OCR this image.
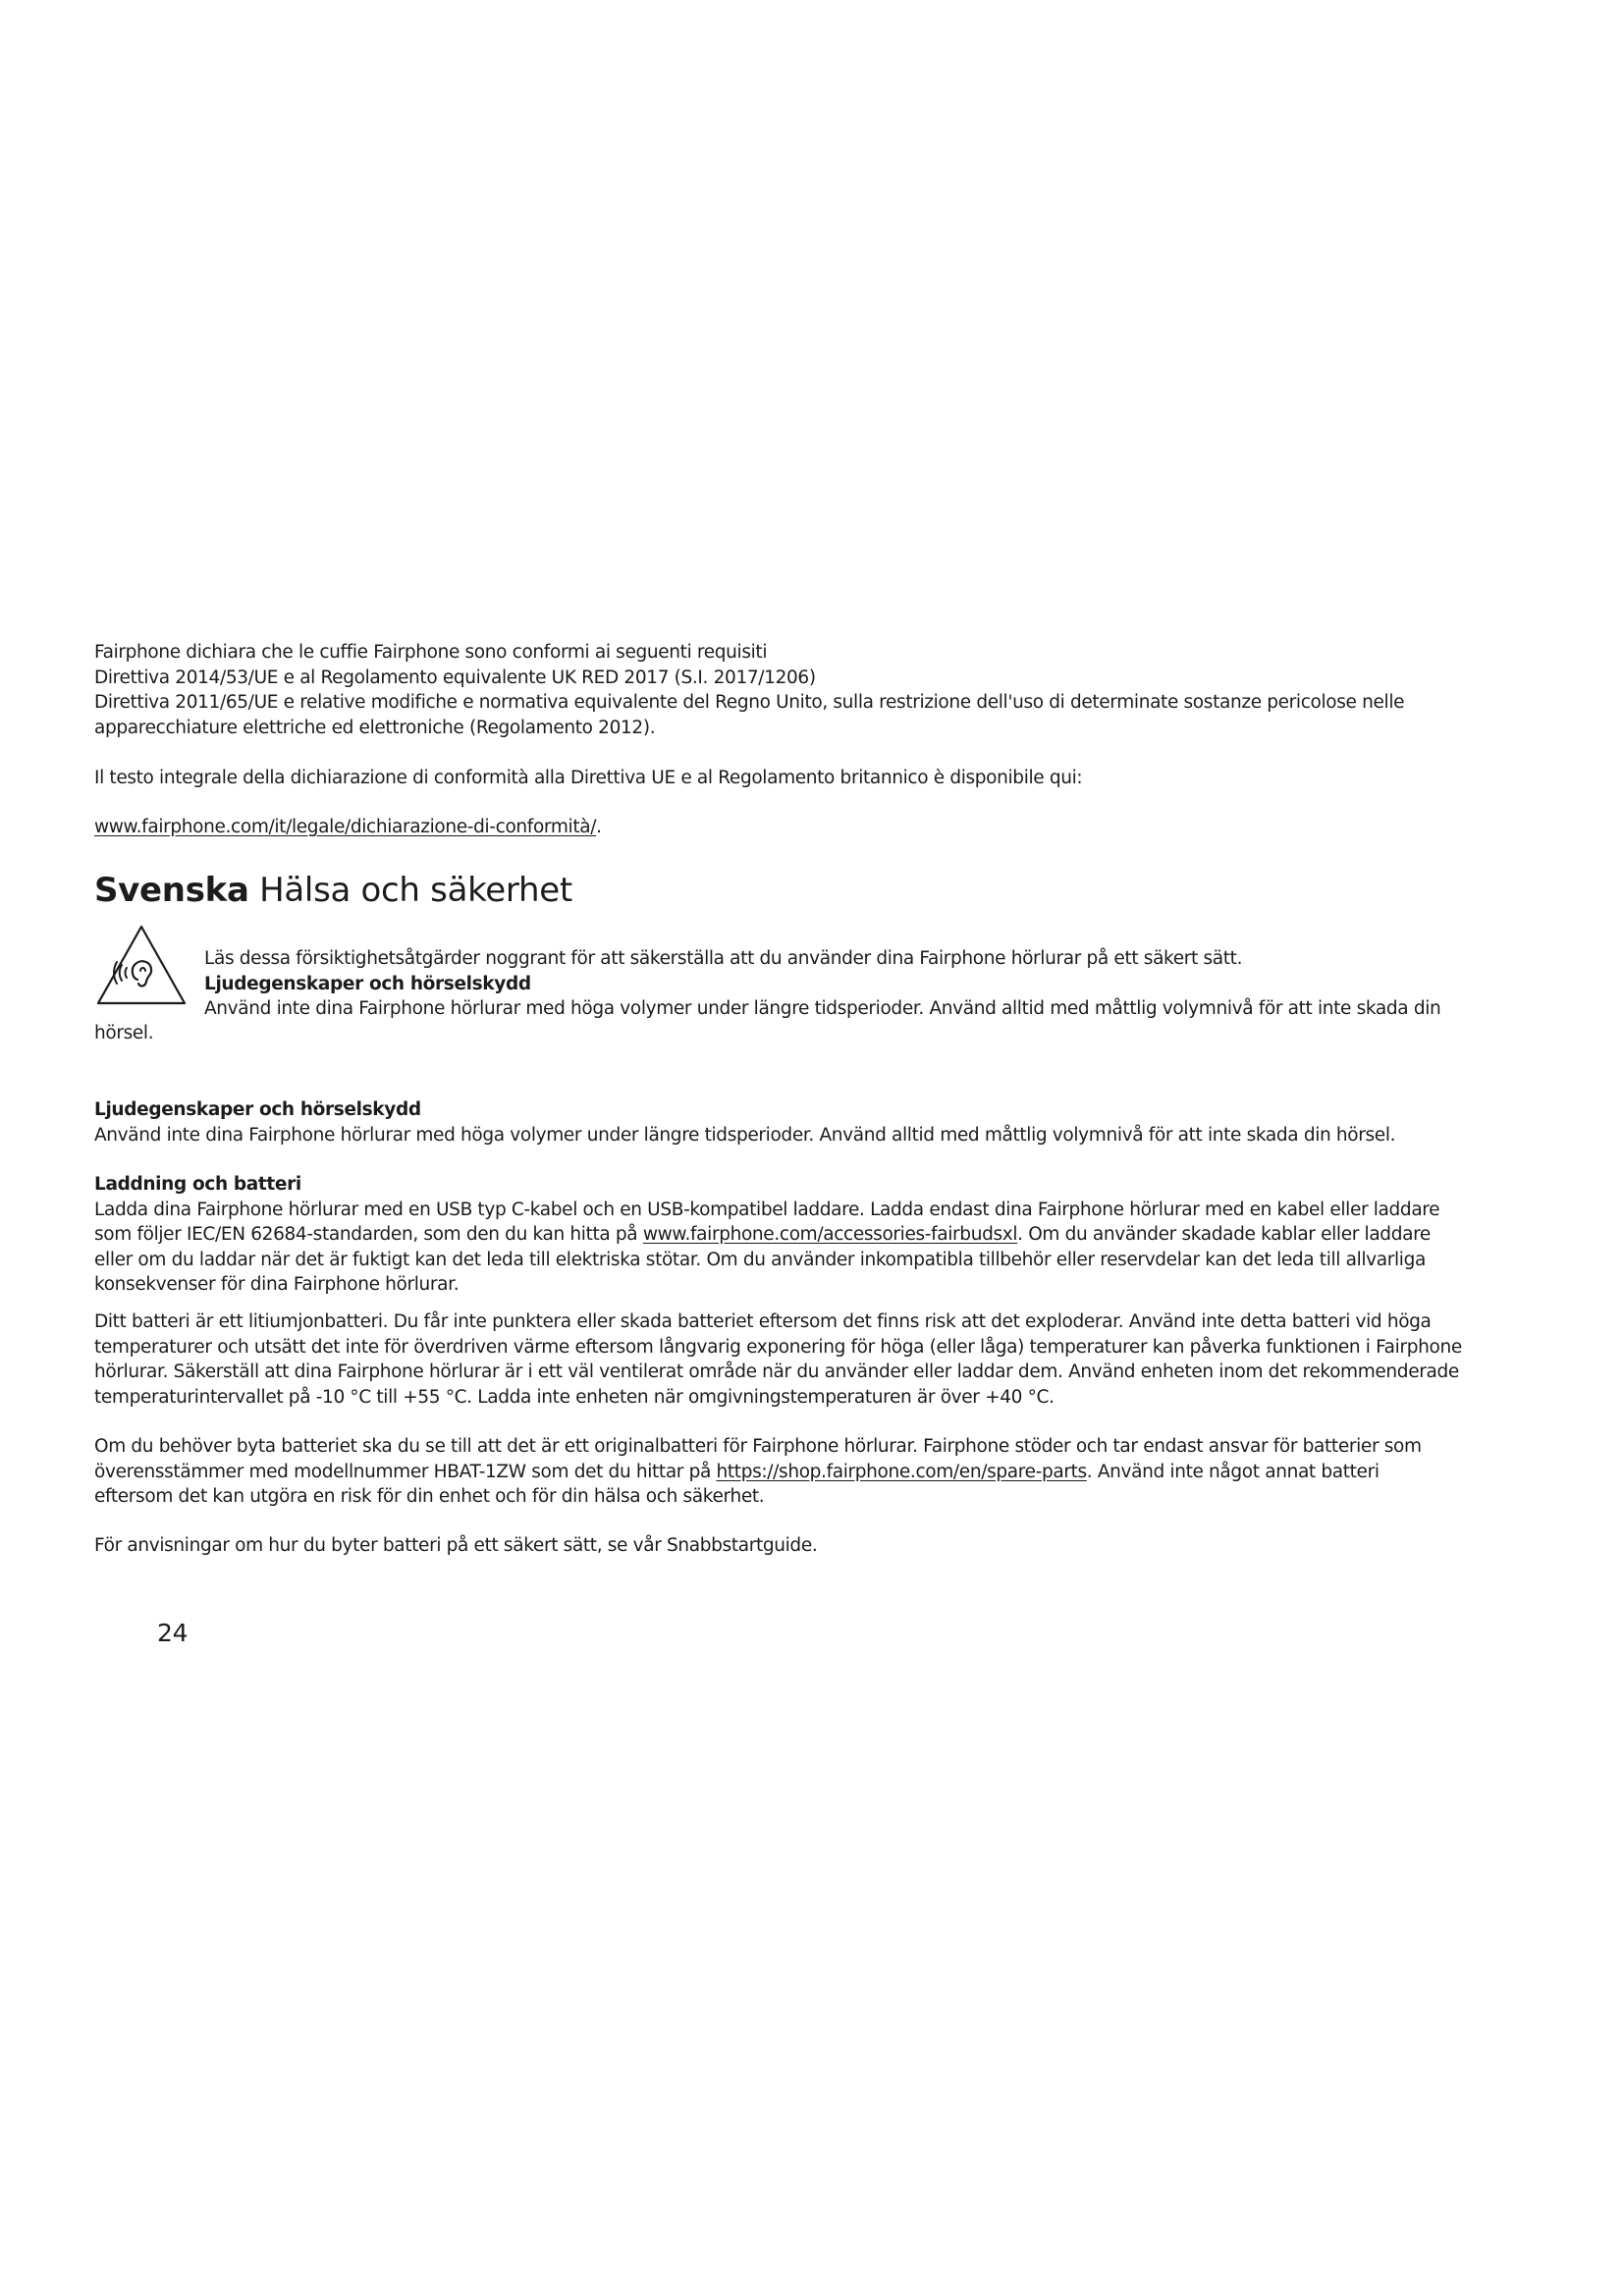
Fairphone dichiara che le cuffie Fairphone sono conformi ai seguenti requisiti
Direttiva 2014/53/UE e al Regolamento equivalente UK RED 2017 (S.I. 2017/1206)
Direttiva 2011/65/UE e relative modifiche e normativa equivalente del Regno Unito, sulla restrizione dell'uso di determinate sostanze pericolose nelle
apparecchiature elettriche ed elettroniche (Regolamento 2012).
Il testo integrale della dichiarazione di conformità alla Direttiva UE e al Regolamento britannico è disponibile qui:
www.fairphone.com/it/legale/dichiarazione-di-conformità/.
Svenska Hälsa och säkerhet
Läs dessa försiktighetsåtgärder noggrant för att säkerställa att du använder dina Fairphone hörlurar på ett säkert sätt.
Ljudegenskaper och hörselskydd
Använd inte dina Fairphone hörlurar med höga volymer under längre tidsperioder. Använd alltid med måttlig volymnivå för att inte skada din
hörsel.
Ljudegenskaper och hörselskydd
Använd inte dina Fairphone hörlurar med höga volymer under längre tidsperioder. Använd alltid med måttlig volymnivå för att inte skada din hörsel.
Laddning och batteri
Ladda dina Fairphone hörlurar med en USB typ C-kabel och en USB-kompatibel laddare. Ladda endast dina Fairphone hörlurar med en kabel eller laddare
som följer IEC/EN 62684-standarden, som den du kan hitta på www.fairphone.com/accessories-fairbudsxl. Om du använder skadade kablar eller laddare
eller om du laddar när det är fuktigt kan det leda till elektriska stötar. Om du använder inkompatibla tillbehör eller reservdelar kan det leda till allvarliga
konsekvenser för dina Fairphone hörlurar.
Ditt batteri är ett litiumjonbatteri. Du får inte punktera eller skada batteriet eftersom det finns risk att det exploderar. Använd inte detta batteri vid höga
temperaturer och utsätt det inte för överdriven värme eftersom långvarig exponering för höga (eller låga) temperaturer kan påverka funktionen i Fairphone
hörlurar. Säkerställ att dina Fairphone hörlurar är i ett väl ventilerat område när du använder eller laddar dem. Använd enheten inom det rekommenderade
temperaturintervallet på -10 °C till +55 °C. Ladda inte enheten när omgivningstemperaturen är över +40 °C.
Om du behöver byta batteriet ska du se till att det är ett originalbatteri för Fairphone hörlurar. Fairphone stöder och tar endast ansvar för batterier som
överensstämmer med modellnummer HBAT-1ZW som det du hittar på https://shop.fairphone.com/en/spare-parts. Använd inte något annat batteri
eftersom det kan utgöra en risk för din enhet och för din hälsa och säkerhet.
För anvisningar om hur du byter batteri på ett säkert sätt, se vår Snabbstartguide.
24
